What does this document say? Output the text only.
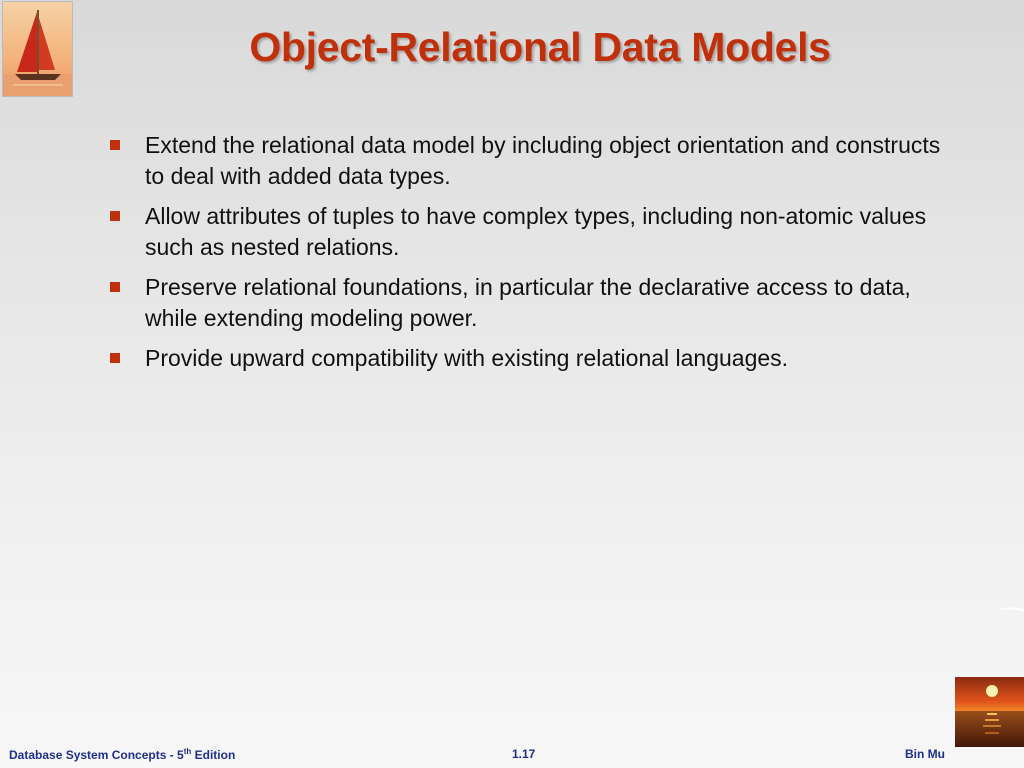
Object-Relational Data Models
Extend the relational data model by including object orientation and constructs to deal with added data types.
Allow attributes of tuples to have complex types, including non-atomic values such as nested relations.
Preserve relational foundations, in particular the declarative access to data, while extending modeling power.
Provide upward compatibility with existing relational languages.
Database System Concepts - 5th Edition	1.17	Bin Mu
